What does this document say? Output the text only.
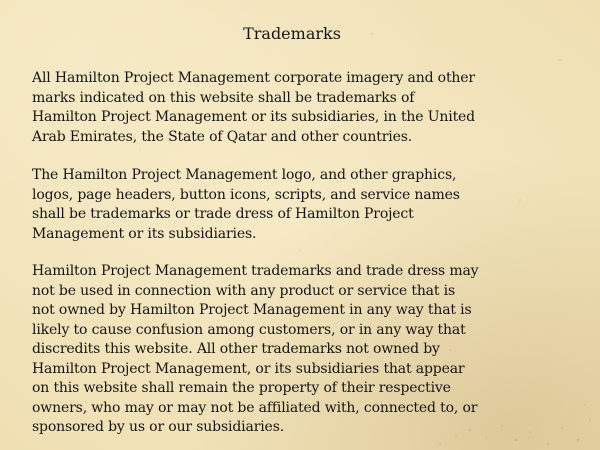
Trademarks

All Hamilton Project Management corporate imagery and other
marks indicated on this website shall be trademarks of
Hamilton Project Management or its subsidiaries, in the United
Arab Emirates, the State of Qatar and other countries.

The Hamilton Project Management logo, and other graphics,
logos, page headers, button icons, scripts, and service names
shall be trademarks or trade dress of Hamilton Project
Management or its subsidiaries.

Hamilton Project Management trademarks and trade dress may
not be used in connection with any product or service that is
not owned by Hamilton Project Management in any way that is
likely to cause confusion among customers, or in any way that
discredits this website. All other trademarks not owned by
Hamilton Project Management, or its subsidiaries that appear
on this website shall remain the property of their respective
owners, who may or may not be affiliated with, connected to, or
sponsored by us or our subsidiaries.
